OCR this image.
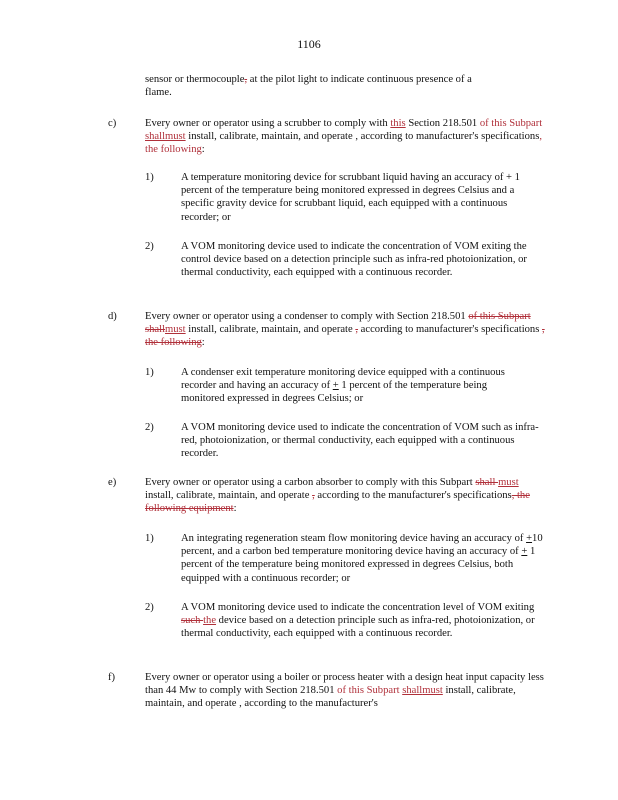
1106

sensor or thermocouple, at the pilot light to indicate continuous presence of a flame.

c)	Every owner or operator using a scrubber to comply with this Section 218.501 of this Subpart shallmust install, calibrate, maintain, and operate , according to manufacturer's specifications, the following:

1)	A temperature monitoring device for scrubbant liquid having an accuracy of + 1 percent of the temperature being monitored expressed in degrees Celsius and a specific gravity device for scrubbant liquid, each equipped with a continuous recorder; or

2)	A VOM monitoring device used to indicate the concentration of VOM exiting the control device based on a detection principle such as infra-red photoionization, or thermal conductivity, each equipped with a continuous recorder.

d)	Every owner or operator using a condenser to comply with Section 218.501 of this Subpart shallmust install, calibrate, maintain, and operate , according to manufacturer's specifications , the following:

1)	A condenser exit temperature monitoring device equipped with a continuous recorder and having an accuracy of + 1 percent of the temperature being monitored expressed in degrees Celsius; or

2)	A VOM monitoring device used to indicate the concentration of VOM such as infra-red, photoionization, or thermal conductivity, each equipped with a continuous recorder.

e)	Every owner or operator using a carbon absorber to comply with this Subpart shall must install, calibrate, maintain, and operate , according to the manufacturer's specifications, the following equipment:

1)	An integrating regeneration steam flow monitoring device having an accuracy of +10 percent, and a carbon bed temperature monitoring device having an accuracy of + 1 percent of the temperature being monitored expressed in degrees Celsius, both equipped with a continuous recorder; or

2)	A VOM monitoring device used to indicate the concentration level of VOM exiting such the device based on a detection principle such as infra-red, photoionization, or thermal conductivity, each equipped with a continuous recorder.

f)	Every owner or operator using a boiler or process heater with a design heat input capacity less than 44 Mw to comply with Section 218.501 of this Subpart shallmust install, calibrate, maintain, and operate , according to the manufacturer's
